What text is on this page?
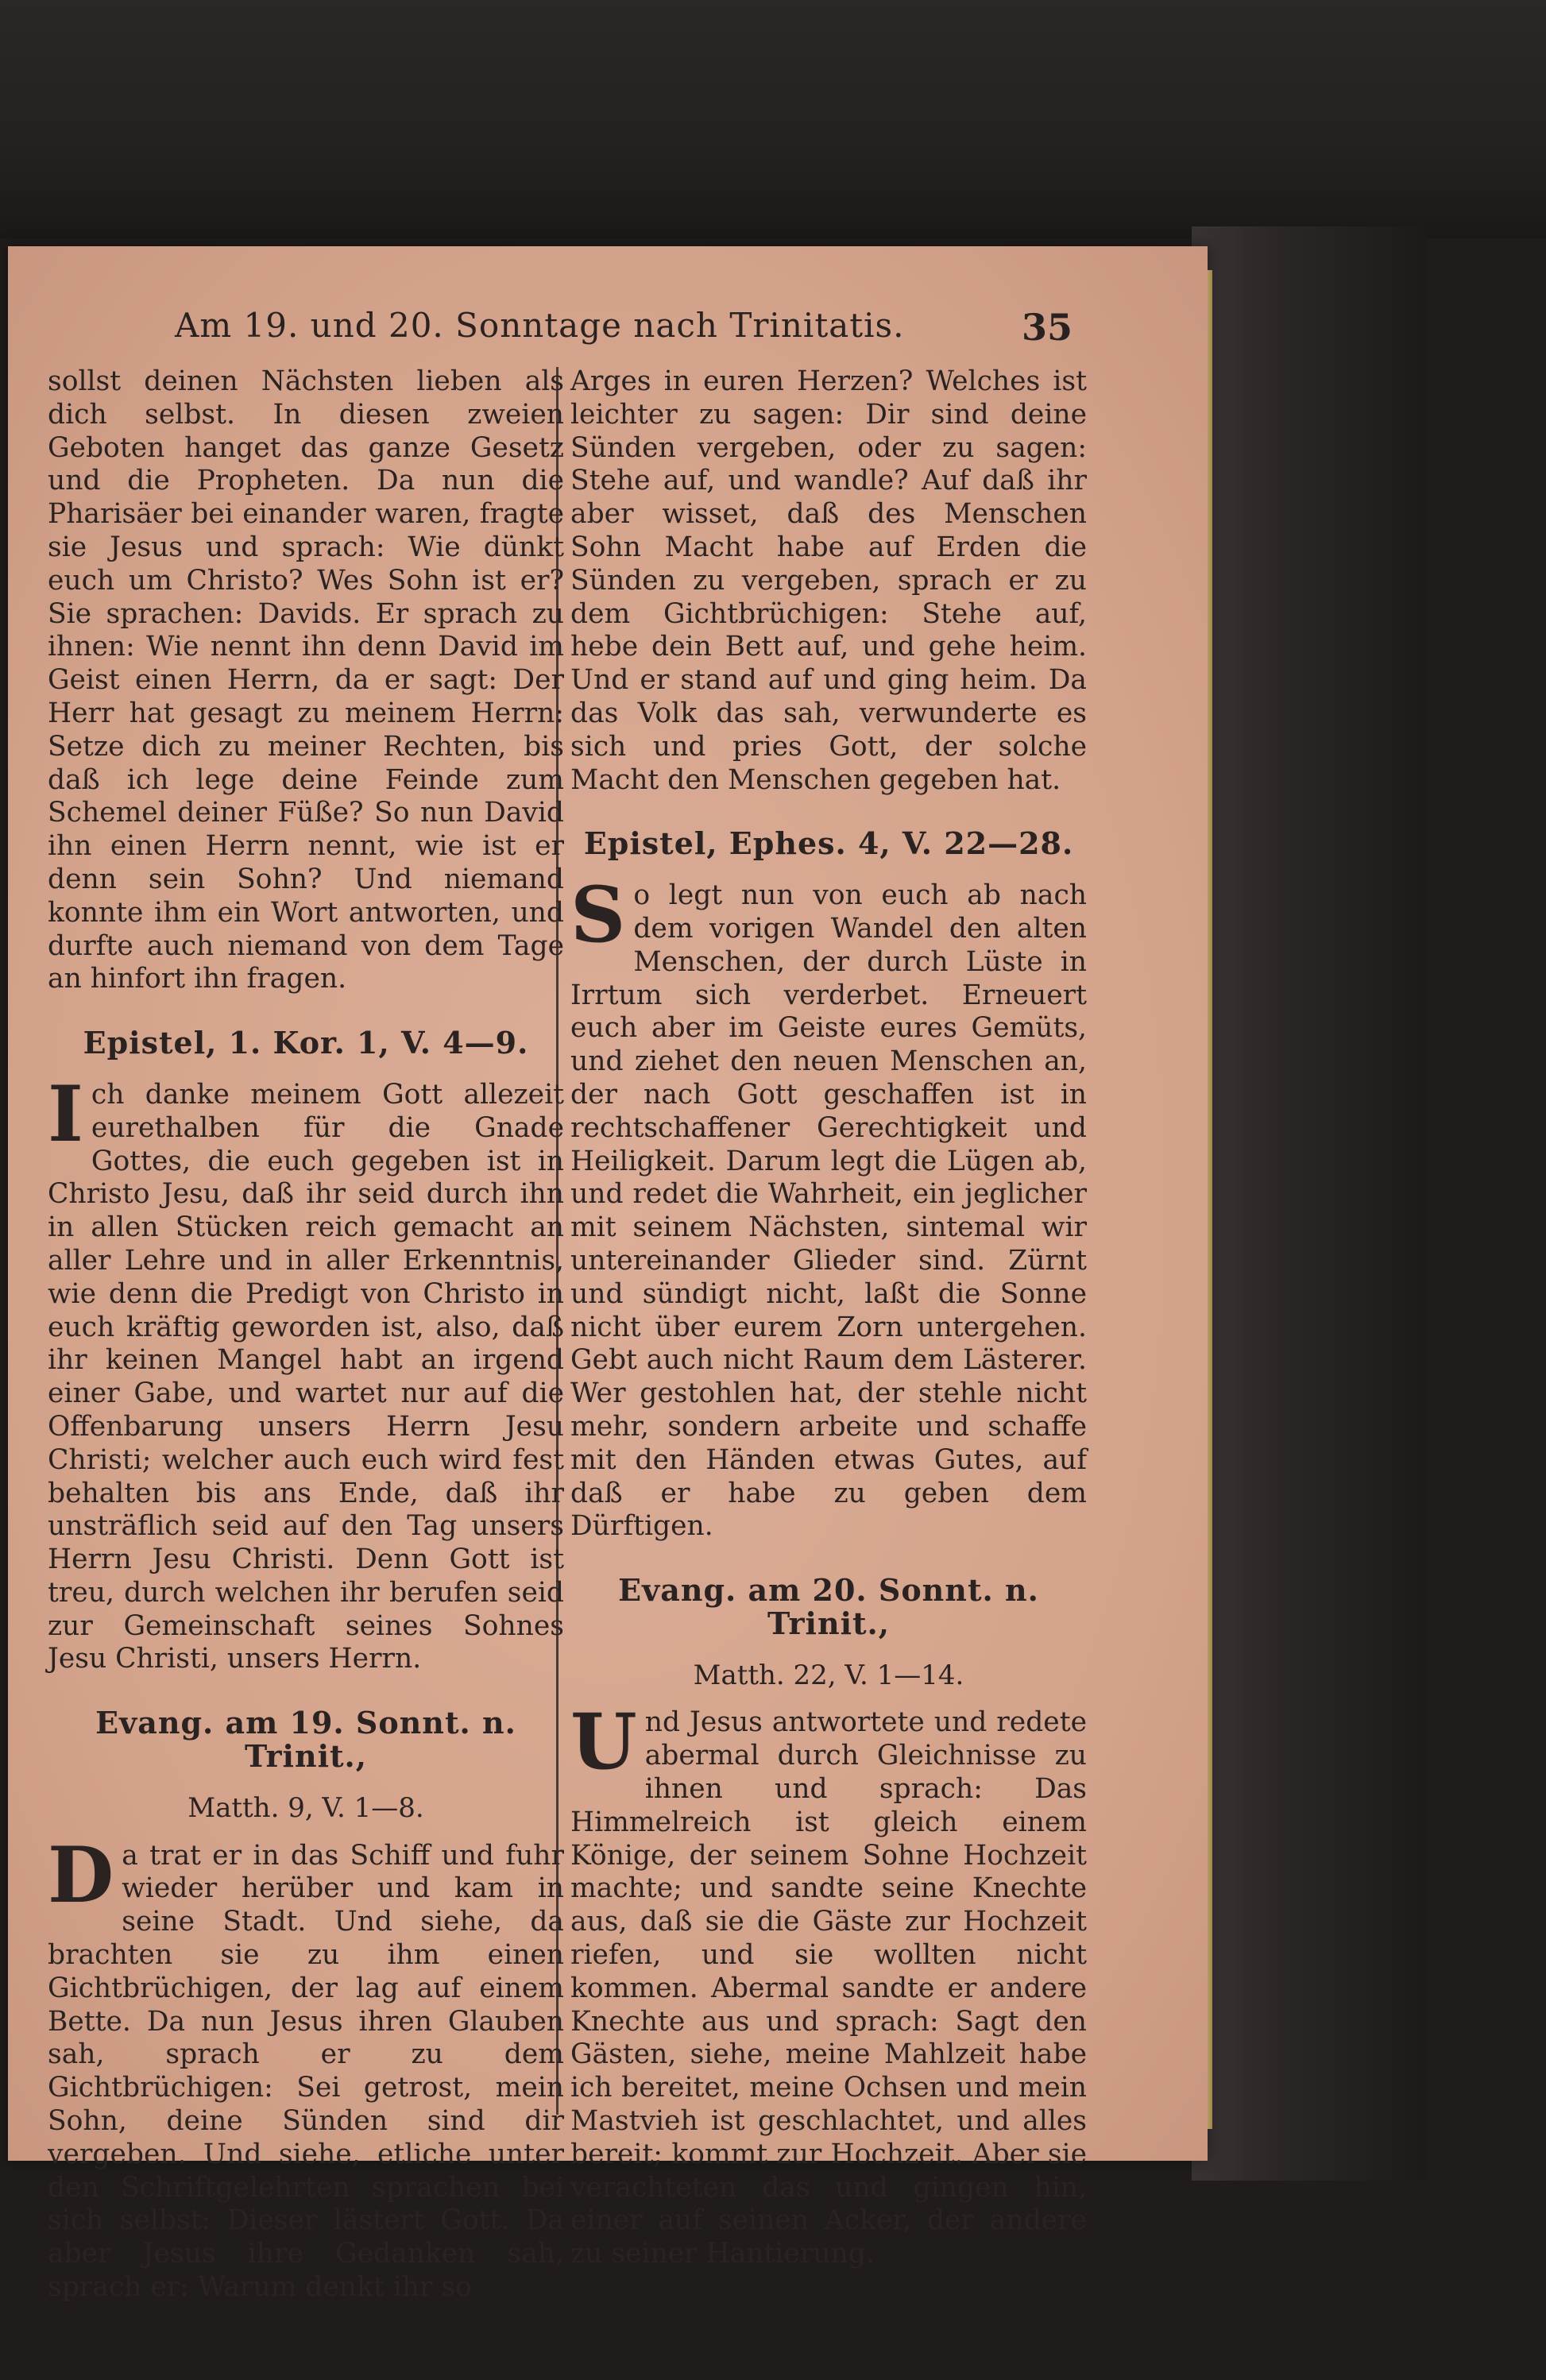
Am 19. und 20. Sonntage nach Trinitatis.	35

sollst deinen Nächsten lieben als dich selbst. In diesen zweien Geboten hanget das ganze Gesetz und die Propheten. Da nun die Pharisäer bei einander waren, fragte sie Jesus und sprach: Wie dünkt euch um Christo? Wes Sohn ist er? Sie sprachen: Davids. Er sprach zu ihnen: Wie nennt ihn denn David im Geist einen Herrn, da er sagt: Der Herr hat gesagt zu meinem Herrn: Setze dich zu meiner Rechten, bis daß ich lege deine Feinde zum Schemel deiner Füße? So nun David ihn einen Herrn nennt, wie ist er denn sein Sohn? Und niemand konnte ihm ein Wort antworten, und durfte auch niemand von dem Tage an hinfort ihn fragen.

Epistel, 1. Kor. 1, V. 4—9.

Ich danke meinem Gott allezeit eurethalben für die Gnade Gottes, die euch gegeben ist in Christo Jesu, daß ihr seid durch ihn in allen Stücken reich gemacht an aller Lehre und in aller Erkenntnis, wie denn die Predigt von Christo in euch kräftig geworden ist, also, daß ihr keinen Mangel habt an irgend einer Gabe, und wartet nur auf die Offenbarung unsers Herrn Jesu Christi; welcher auch euch wird fest behalten bis ans Ende, daß ihr unsträflich seid auf den Tag unsers Herrn Jesu Christi. Denn Gott ist treu, durch welchen ihr berufen seid zur Gemeinschaft seines Sohnes Jesu Christi, unsers Herrn.

Evang. am 19. Sonnt. n. Trinit.,
Matth. 9, V. 1—8.

Da trat er in das Schiff und fuhr wieder herüber und kam in seine Stadt. Und siehe, da brachten sie zu ihm einen Gichtbrüchigen, der lag auf einem Bette. Da nun Jesus ihren Glauben sah, sprach er zu dem Gichtbrüchigen: Sei getrost, mein Sohn, deine Sünden sind dir vergeben. Und siehe, etliche unter den Schriftgelehrten sprachen bei sich selbst: Dieser lästert Gott. Da aber Jesus ihre Gedanken sah, sprach er: Warum denkt ihr so

Arges in euren Herzen? Welches ist leichter zu sagen: Dir sind deine Sünden vergeben, oder zu sagen: Stehe auf, und wandle? Auf daß ihr aber wisset, daß des Menschen Sohn Macht habe auf Erden die Sünden zu vergeben, sprach er zu dem Gichtbrüchigen: Stehe auf, hebe dein Bett auf, und gehe heim. Und er stand auf und ging heim. Da das Volk das sah, verwunderte es sich und pries Gott, der solche Macht den Menschen gegeben hat.

Epistel, Ephes. 4, V. 22—28.

So legt nun von euch ab nach dem vorigen Wandel den alten Menschen, der durch Lüste in Irrtum sich verderbet. Erneuert euch aber im Geiste eures Gemüts, und ziehet den neuen Menschen an, der nach Gott geschaffen ist in rechtschaffener Gerechtigkeit und Heiligkeit. Darum legt die Lügen ab, und redet die Wahrheit, ein jeglicher mit seinem Nächsten, sintemal wir untereinander Glieder sind. Zürnt und sündigt nicht, laßt die Sonne nicht über eurem Zorn untergehen. Gebt auch nicht Raum dem Lästerer. Wer gestohlen hat, der stehle nicht mehr, sondern arbeite und schaffe mit den Händen etwas Gutes, auf daß er habe zu geben dem Dürftigen.

Evang. am 20. Sonnt. n. Trinit.,
Matth. 22, V. 1—14.

Und Jesus antwortete und redete abermal durch Gleichnisse zu ihnen und sprach: Das Himmelreich ist gleich einem Könige, der seinem Sohne Hochzeit machte; und sandte seine Knechte aus, daß sie die Gäste zur Hochzeit riefen, und sie wollten nicht kommen. Abermal sandte er andere Knechte aus und sprach: Sagt den Gästen, siehe, meine Mahlzeit habe ich bereitet, meine Ochsen und mein Mastvieh ist geschlachtet, und alles bereit; kommt zur Hochzeit. Aber sie verachteten das und gingen hin, einer auf seinen Acker, der andere zu seiner Hantierung.
